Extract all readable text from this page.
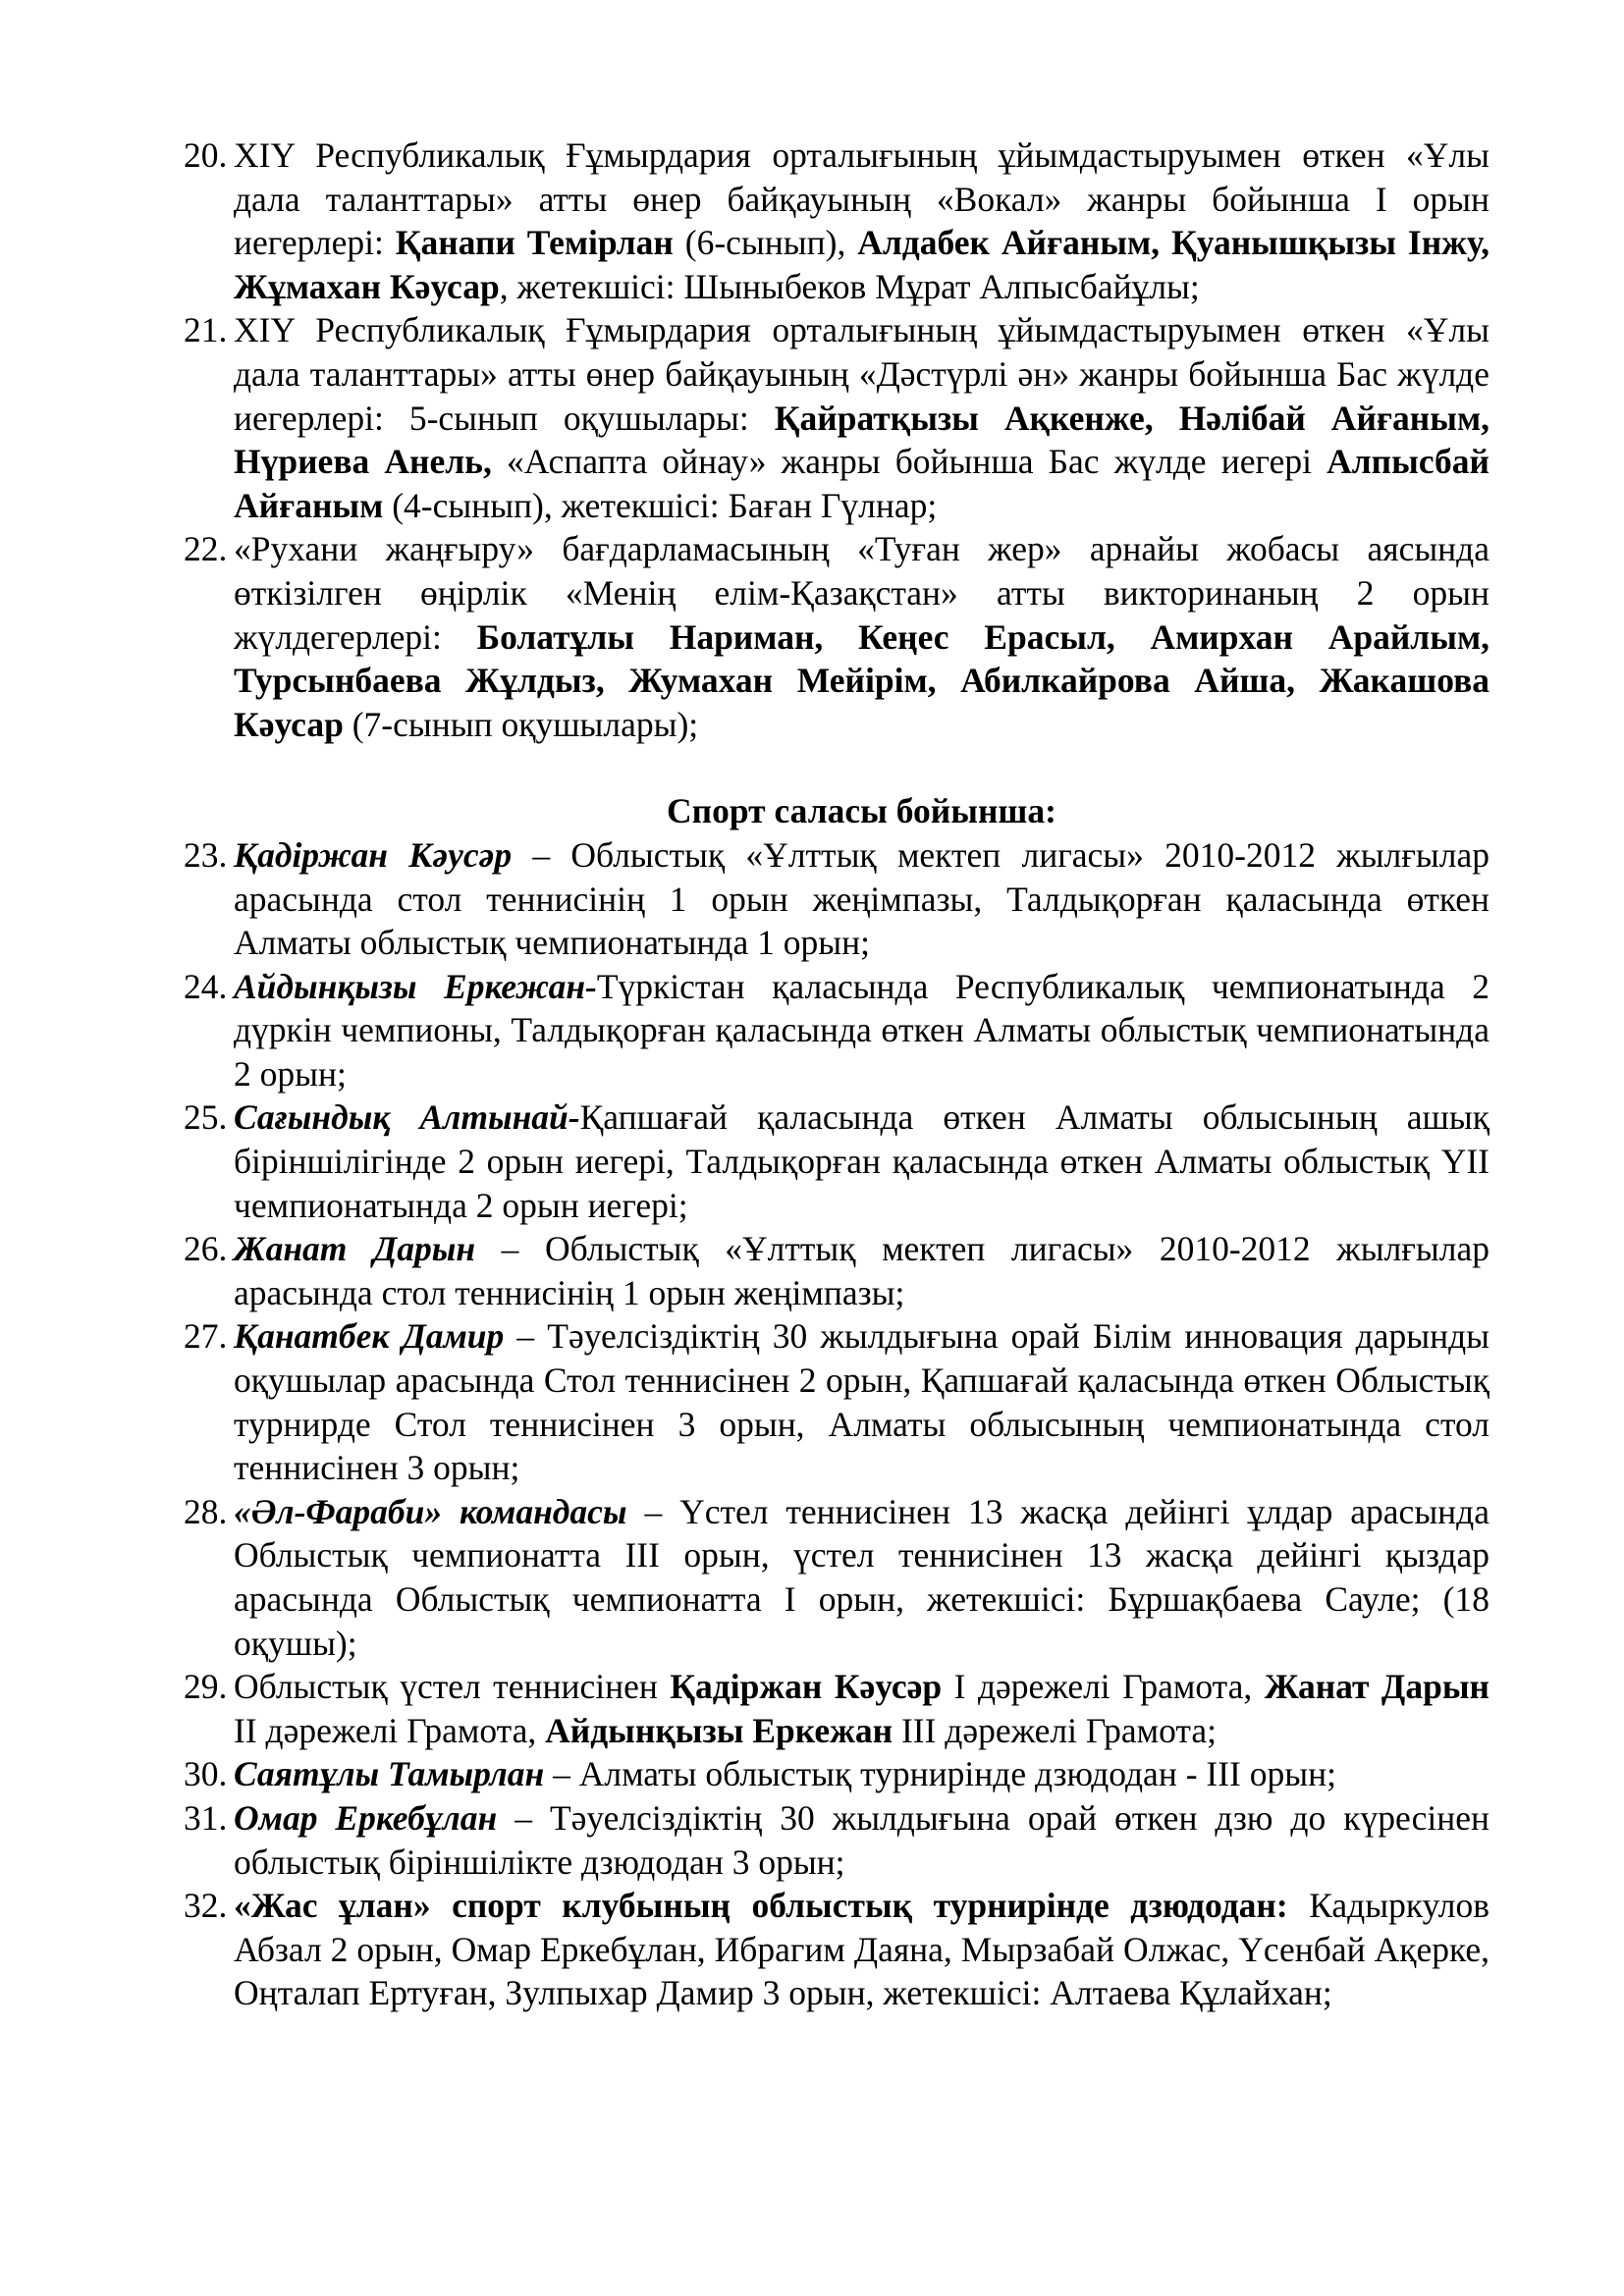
20. XIY Республикалық Ғұмырдария орталығының ұйымдастыруымен өткен «Ұлы дала таланттары» атты өнер байқауының «Вокал» жанры бойынша І орын иегерлері: Қанапи Темірлан (6-сынып), Алдабек Айғаным, Қуанышқызы Інжу, Жұмахан Кәусар, жетекшісі: Шыныбеков Мұрат Алпысбайұлы;
21. XIY Республикалық Ғұмырдария орталығының ұйымдастыруымен өткен «Ұлы дала таланттары» атты өнер байқауының «Дәстүрлі ән» жанры бойынша Бас жүлде иегерлері: 5-сынып оқушылары: Қайратқызы Ақкенже, Нәлібай Айғаным, Нүриева Анель, «Аспапта ойнау» жанры бойынша Бас жүлде иегері Алпысбай Айғаным (4-сынып), жетекшісі: Баған Гүлнар;
22. «Рухани жаңғыру» бағдарламасының «Туған жер» арнайы жобасы аясында өткізілген өңірлік «Менің елім-Қазақстан» атты викторинаның 2 орын жүлдегерлері: Болатұлы Нариман, Кеңес Ерасыл, Амирхан Арайлым, Турсынбаева Жұлдыз, Жумахан Мейірім, Абилкайрова Айша, Жакашова Кәусар (7-сынып оқушылары);

Спорт саласы бойынша:

23. Қадіржан Кәусәр – Облыстық «Ұлттық мектеп лигасы» 2010-2012 жылғылар арасында стол теннисінің 1 орын жеңімпазы, Талдықорған қаласында өткен Алматы облыстық чемпионатында 1 орын;
24. Айдынқызы Еркежан-Түркістан қаласында Республикалық чемпионатында 2 дүркін чемпионы, Талдықорған қаласында өткен Алматы облыстық чемпионатында 2 орын;
25. Сағындық Алтынай-Қапшағай қаласында өткен Алматы облысының ашық біріншілігінде 2 орын иегері, Талдықорған қаласында өткен Алматы облыстық YII чемпионатында 2 орын иегері;
26. Жанат Дарын – Облыстық «Ұлттық мектеп лигасы» 2010-2012 жылғылар арасында стол теннисінің 1 орын жеңімпазы;
27. Қанатбек Дамир – Тәуелсіздіктің 30 жылдығына орай Білім инновация дарынды оқушылар арасында Стол теннисінен 2 орын, Қапшағай қаласында өткен Облыстық турнирде Стол теннисінен 3 орын, Алматы облысының чемпионатында стол теннисінен 3 орын;
28. «Әл-Фараби» командасы – Үстел теннисінен 13 жасқа дейінгі ұлдар арасында Облыстық чемпионатта ІІІ орын, үстел теннисінен 13 жасқа дейінгі қыздар арасында Облыстық чемпионатта І орын, жетекшісі: Бұршақбаева Сауле; (18 оқушы);
29. Облыстық үстел теннисінен Қадіржан Кәусәр І дәрежелі Грамота, Жанат Дарын ІІ дәрежелі Грамота, Айдынқызы Еркежан ІІІ дәрежелі Грамота;
30. Саятұлы Тамырлан – Алматы облыстық турнирінде дзюдодан - ІІІ орын;
31. Омар Еркебұлан – Тәуелсіздіктің 30 жылдығына орай өткен дзю до күресінен облыстық біріншілікте дзюдодан 3 орын;
32. «Жас ұлан» спорт клубының облыстық турнирінде дзюдодан: Кадыркулов Абзал 2 орын, Омар Еркебұлан, Ибрагим Даяна, Мырзабай Олжас, Үсенбай Ақерке, Оңталап Ертуған, Зулпыхар Дамир 3 орын, жетекшісі: Алтаева Құлайхан;
